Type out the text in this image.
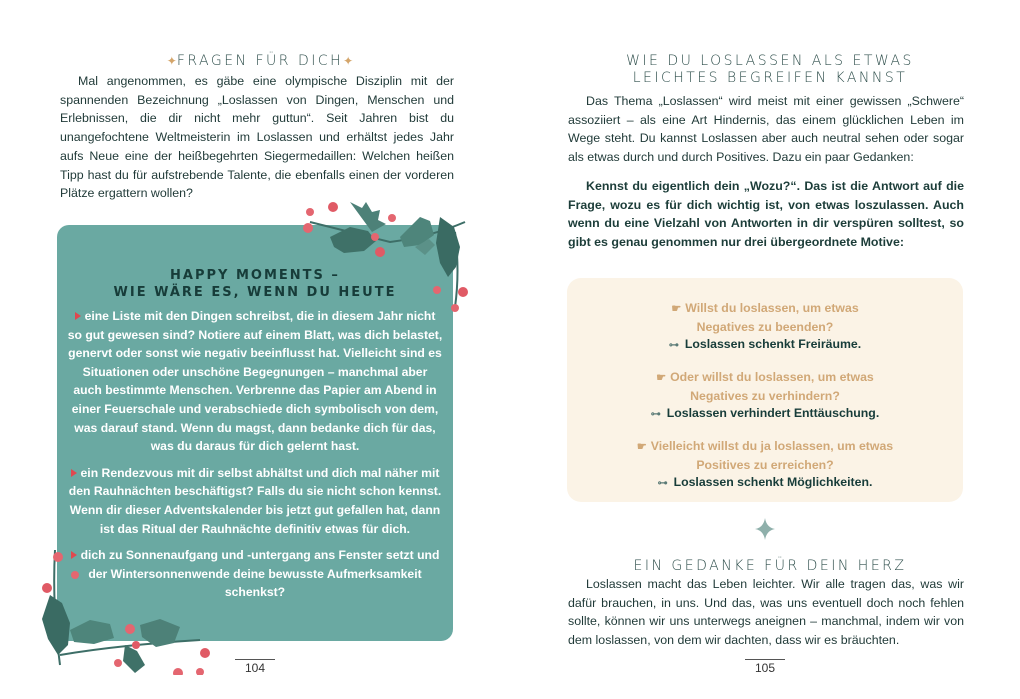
✦FRAGEN FÜR DICH✦
Mal angenommen, es gäbe eine olympische Disziplin mit der spannenden Bezeichnung „Loslassen von Dingen, Menschen und Erlebnissen, die dir nicht mehr guttun“. Seit Jahren bist du unangefochtene Weltmeisterin im Loslassen und erhältst jedes Jahr aufs Neue eine der heißbegehrten Siegermedaillen: Welchen heißen Tipp hast du für aufstrebende Talente, die ebenfalls einen der vorderen Plätze ergattern wollen?
HAPPY MOMENTS –
WIE WÄRE ES, WENN DU HEUTE
eine Liste mit den Dingen schreibst, die in diesem Jahr nicht so gut gewesen sind? Notiere auf einem Blatt, was dich belastet, genervt oder sonst wie negativ beeinflusst hat. Vielleicht sind es Situationen oder unschöne Begegnungen – manchmal aber auch bestimmte Menschen. Verbrenne das Papier am Abend in einer Feuerschale und verabschiede dich symbolisch von dem, was darauf stand. Wenn du magst, dann bedanke dich für das, was du daraus für dich gelernt hast.
ein Rendezvous mit dir selbst abhältst und dich mal näher mit den Rauhnächten beschäftigst? Falls du sie nicht schon kennst. Wenn dir dieser Adventskalender bis jetzt gut gefallen hat, dann ist das Ritual der Rauhnächte definitiv etwas für dich.
dich zu Sonnenaufgang und -untergang ans Fenster setzt und der Wintersonnenwende deine bewusste Aufmerksamkeit schenkst?
104
WIE DU LOSLASSEN ALS ETWAS
LEICHTES BEGREIFEN KANNST
Das Thema „Loslassen“ wird meist mit einer gewissen „Schwere“ assoziiert – als eine Art Hindernis, das einem glücklichen Leben im Wege steht. Du kannst Loslassen aber auch neutral sehen oder sogar als etwas durch und durch Positives. Dazu ein paar Gedanken:
Kennst du eigentlich dein „Wozu?“. Das ist die Antwort auf die Frage, wozu es für dich wichtig ist, von etwas loszulassen. Auch wenn du eine Vielzahl von Antworten in dir verspüren solltest, so gibt es genau genommen nur drei übergeordnete Motive:
☛ Willst du loslassen, um etwas
Negatives zu beenden?
⊶ Loslassen schenkt Freiräume.
☛ Oder willst du loslassen, um etwas
Negatives zu verhindern?
⊶ Loslassen verhindert Enttäuschung.
☛ Vielleicht willst du ja loslassen, um etwas
Positives zu erreichen?
⊶ Loslassen schenkt Möglichkeiten.
EIN GEDANKE FÜR DEIN HERZ
Loslassen macht das Leben leichter. Wir alle tragen das, was wir dafür brauchen, in uns. Und das, was uns eventuell doch noch fehlen sollte, können wir uns unterwegs aneignen – manchmal, indem wir von dem loslassen, von dem wir dachten, dass wir es bräuchten.
105
